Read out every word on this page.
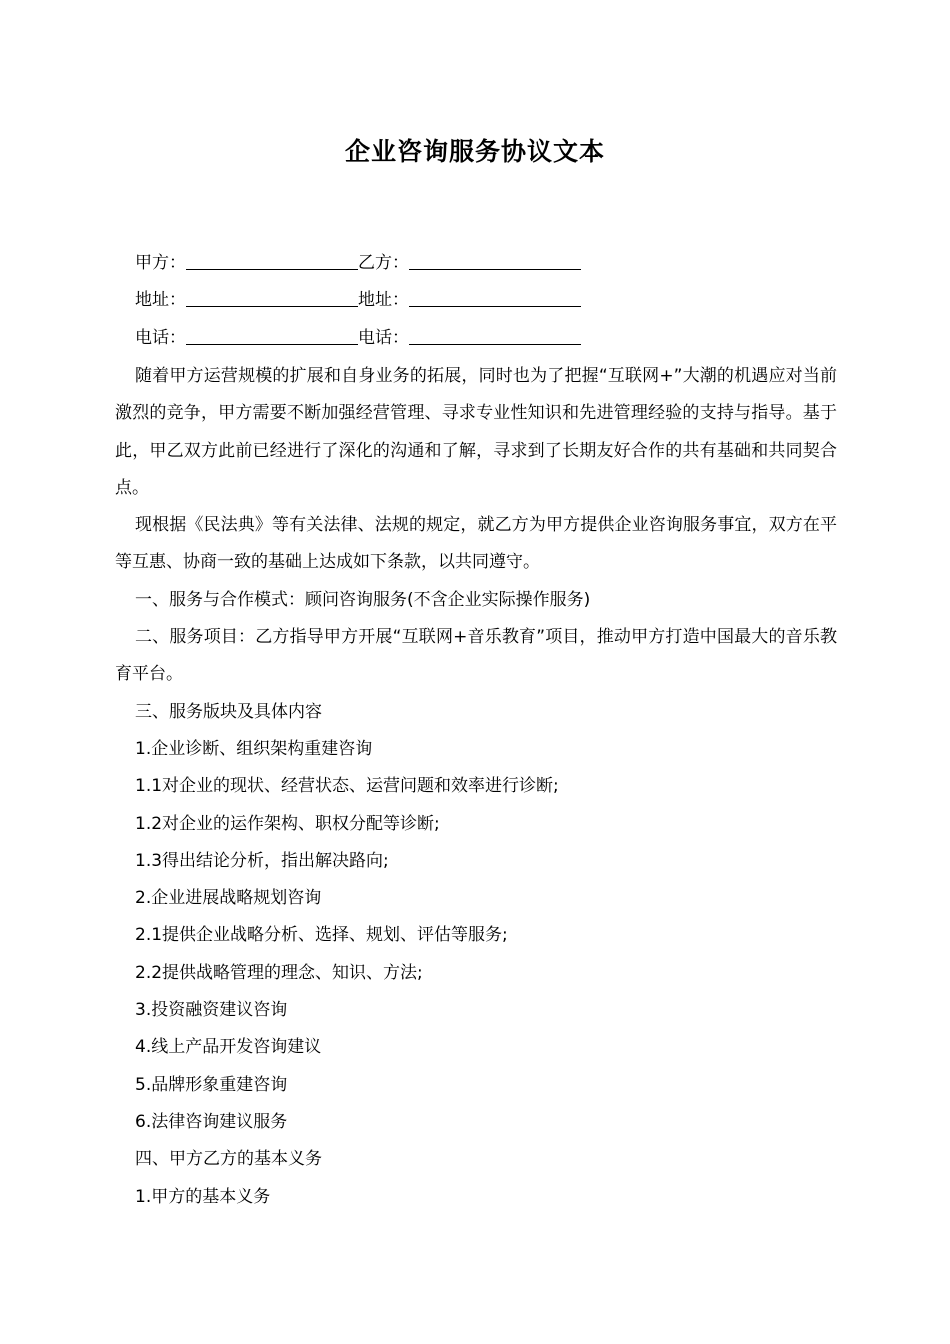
企业咨询服务协议文本
甲方：	乙方：
地址：	地址：
电话：	电话：

随着甲方运营规模的扩展和自身业务的拓展，同时也为了把握“互联网+”大潮的机遇应对当前激烈的竞争，甲方需要不断加强经营管理、寻求专业性知识和先进管理经验的支持与指导。基于此，甲乙双方此前已经进行了深化的沟通和了解，寻求到了长期友好合作的共有基础和共同契合点。

现根据《民法典》等有关法律、法规的规定，就乙方为甲方提供企业咨询服务事宜，双方在平等互惠、协商一致的基础上达成如下条款，以共同遵守。

一、服务与合作模式：顾问咨询服务(不含企业实际操作服务)

二、服务项目：乙方指导甲方开展“互联网+音乐教育”项目，推动甲方打造中国最大的音乐教育平台。

三、服务版块及具体内容

1.企业诊断、组织架构重建咨询

1.1对企业的现状、经营状态、运营问题和效率进行诊断;

1.2对企业的运作架构、职权分配等诊断;

1.3得出结论分析，指出解决路向;

2.企业进展战略规划咨询

2.1提供企业战略分析、选择、规划、评估等服务;

2.2提供战略管理的理念、知识、方法;

3.投资融资建议咨询

4.线上产品开发咨询建议

5.品牌形象重建咨询

6.法律咨询建议服务

四、甲方乙方的基本义务

1.甲方的基本义务
